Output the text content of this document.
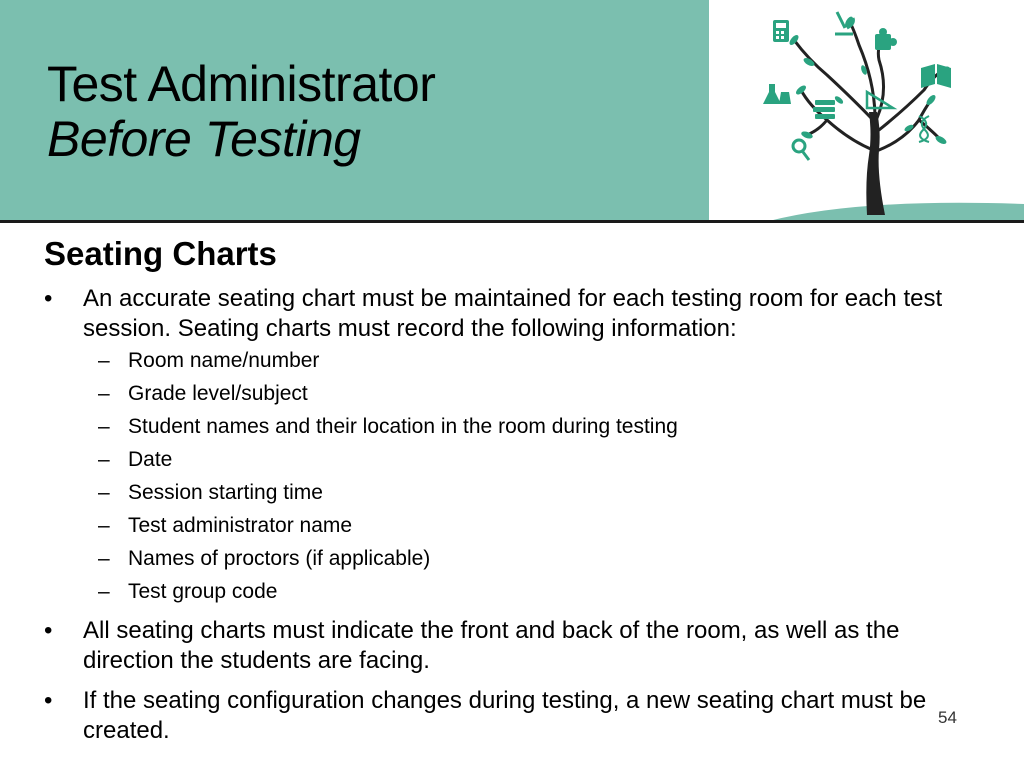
Test Administrator
Before Testing
Seating Charts
• An accurate seating chart must be maintained for each testing room for each test session. Seating charts must record the following information:
– Room name/number
– Grade level/subject
– Student names and their location in the room during testing
– Date
– Session starting time
– Test administrator name
– Names of proctors (if applicable)
– Test group code
• All seating charts must indicate the front and back of the room, as well as the direction the students are facing.
• If the seating configuration changes during testing, a new seating chart must be created.	54
